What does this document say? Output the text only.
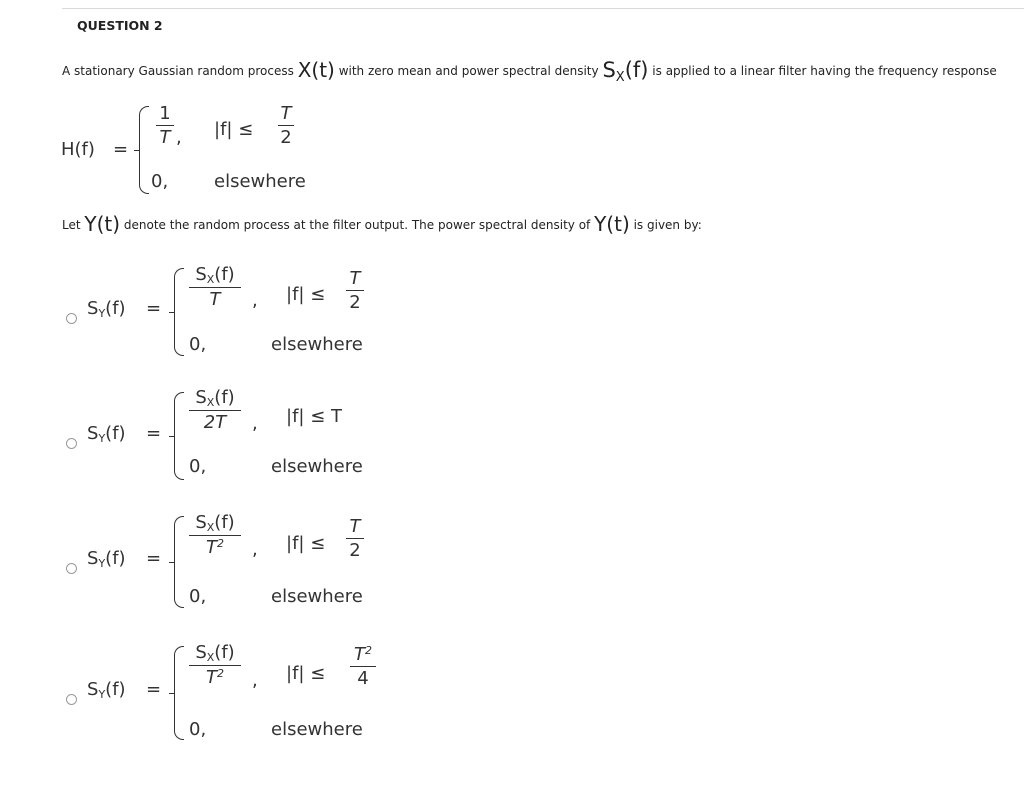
QUESTION 2
A stationary Gaussian random process X(t) with zero mean and power spectral density $S_X(f)$ is applied to a linear filter having the frequency response
H(f) =
1
T , |f| ≤
T
2
0,	elsewhere
Let Y(t) denote the random process at the filter output. The power spectral density of Y(t) is given by:
SY(f) =
SX(f)
T	, |f| ≤
T
2
0,	elsewhere
SY(f) =
SX(f)
2T	, |f| ≤ T
0,	elsewhere
SY(f) =
SX(f)
$T^2$	, |f| ≤
T
2
0,	elsewhere
SY(f) =
SX(f)
$T^2$	, |f| ≤
$T^2$
4
0,	elsewhere
